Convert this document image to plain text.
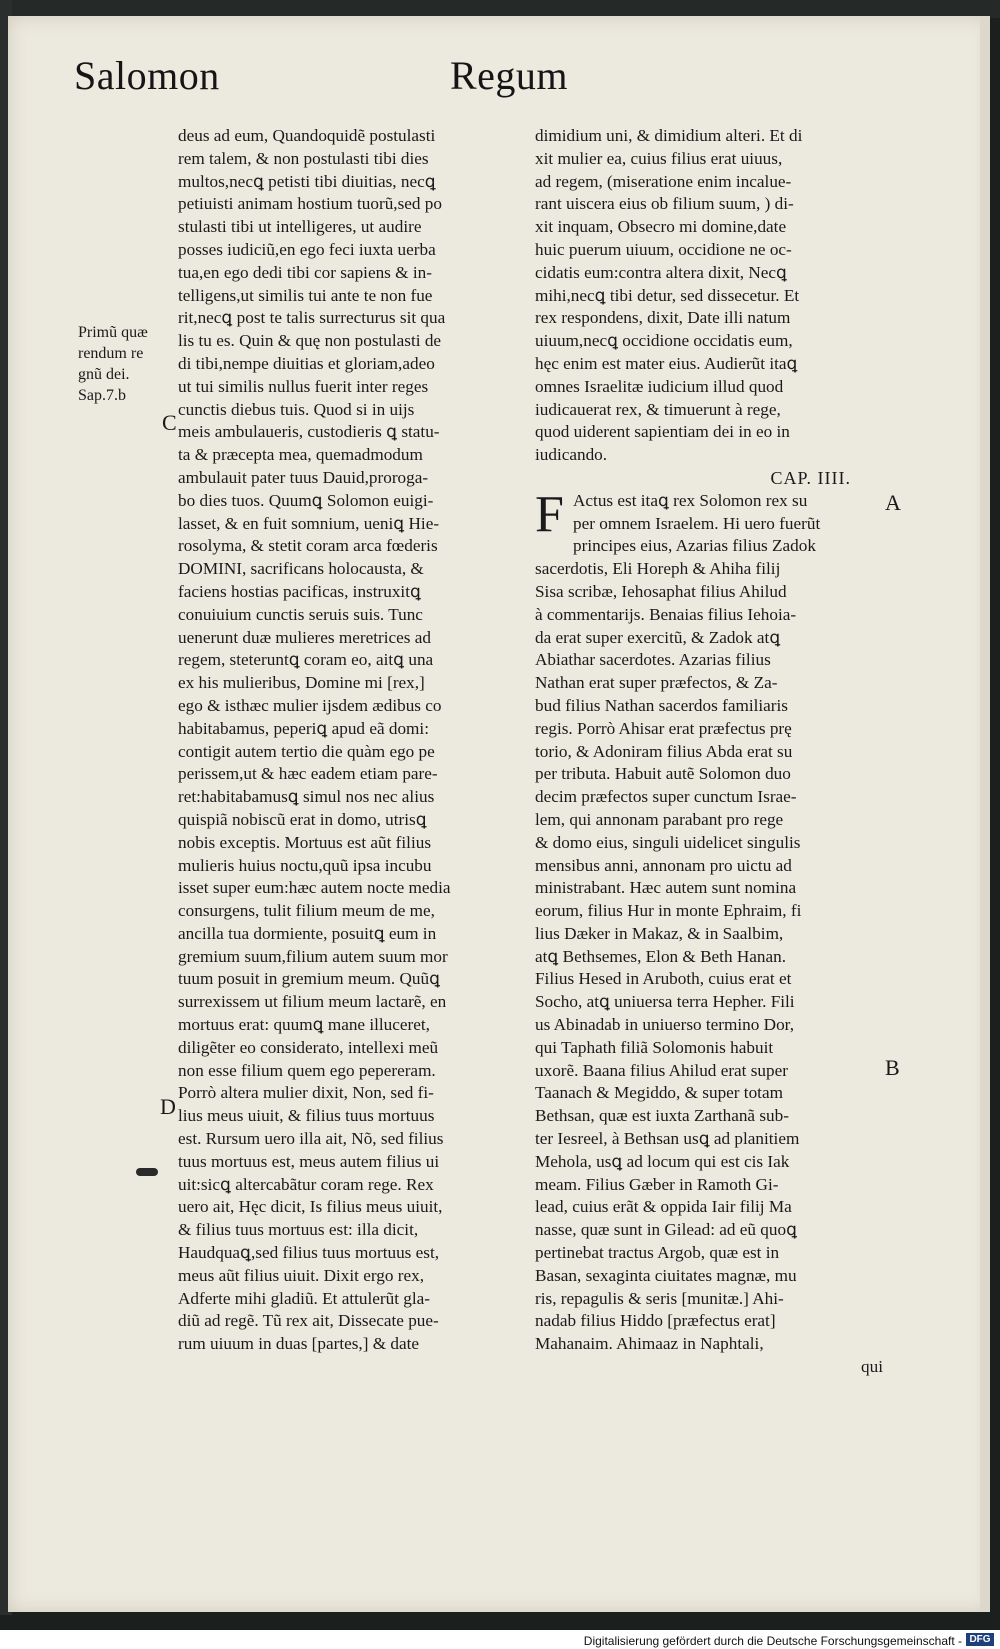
Salomon	Regum
Primũ quæ
rendum re
gnũ dei.
Sap.7.b
C
D
A
B
deus ad eum, Quandoquidẽ postulasti
rem talem, & non postulasti tibi dies
multos,necꝗ petisti tibi diuitias, necꝗ
petiuisti animam hostium tuorũ,sed po
stulasti tibi ut intelligeres, ut audire
posses iudiciũ,en ego feci iuxta uerba
tua,en ego dedi tibi cor sapiens & in-
telligens,ut similis tui ante te non fue
rit,necꝗ post te talis surrecturus sit qua
lis tu es. Quin & quę non postulasti de
di tibi,nempe diuitias et gloriam,adeo
ut tui similis nullus fuerit inter reges
cunctis diebus tuis. Quod si in uijs
meis ambulaueris, custodieris ꝗ statu-
ta & præcepta mea, quemadmodum
ambulauit pater tuus Dauid,proroga-
bo dies tuos. Quumꝗ Solomon euigi-
lasset, & en fuit somnium, ueniꝗ Hie-
rosolyma, & stetit coram arca fœderis
DOMINI, sacrificans holocausta, &
faciens hostias pacificas, instruxitꝗ
conuiuium cunctis seruis suis. Tunc
uenerunt duæ mulieres meretrices ad
regem, steteruntꝗ coram eo, aitꝗ una
ex his mulieribus, Domine mi [rex,]
ego & isthæc mulier ijsdem ædibus co
habitabamus, peperiꝗ apud eã domi:
contigit autem tertio die quàm ego pe
perissem,ut & hæc eadem etiam pare-
ret:habitabamusꝗ simul nos nec alius
quispiã nobiscũ erat in domo, utrisꝗ
nobis exceptis. Mortuus est aũt filius
mulieris huius noctu,quũ ipsa incubu
isset super eum:hæc autem nocte media
consurgens, tulit filium meum de me,
ancilla tua dormiente, posuitꝗ eum in
gremium suum,filium autem suum mor
tuum posuit in gremium meum. Quũꝗ
surrexissem ut filium meum lactarẽ, en
mortuus erat: quumꝗ mane illuceret,
diligẽter eo considerato, intellexi meũ
non esse filium quem ego pepereram.
Porrò altera mulier dixit, Non, sed fi-
lius meus uiuit, & filius tuus mortuus
est. Rursum uero illa ait, Nõ, sed filius
tuus mortuus est, meus autem filius ui
uit:sicꝗ altercabãtur coram rege. Rex
uero ait, Hęc dicit, Is filius meus uiuit,
& filius tuus mortuus est: illa dicit,
Haudquaꝗ,sed filius tuus mortuus est,
meus aũt filius uiuit. Dixit ergo rex,
Adferte mihi gladiũ. Et attulerũt gla-
diũ ad regẽ. Tũ rex ait, Dissecate pue-
rum uiuum in duas [partes,] & date
dimidium uni, & dimidium alteri. Et di
xit mulier ea, cuius filius erat uiuus,
ad regem, (miseratione enim incalue-
rant uiscera eius ob filium suum, ) di-
xit inquam, Obsecro mi domine,date
huic puerum uiuum, occidione ne oc-
cidatis eum:contra altera dixit, Necꝗ
mihi,necꝗ tibi detur, sed dissecetur. Et
rex respondens, dixit, Date illi natum
uiuum,necꝗ occidione occidatis eum,
hęc enim est mater eius. Audierũt itaꝗ
omnes Israelitæ iudicium illud quod
iudicauerat rex, & timuerunt à rege,
quod uiderent sapientiam dei in eo in
iudicando.
CAP. IIII.
F Actus est itaꝗ rex Solomon rex su
per omnem Israelem. Hi uero fuerũt
principes eius, Azarias filius Zadok
sacerdotis, Eli Horeph & Ahiha filij
Sisa scribæ, Iehosaphat filius Ahilud
à commentarijs. Benaias filius Iehoia-
da erat super exercitũ, & Zadok atꝗ
Abiathar sacerdotes. Azarias filius
Nathan erat super præfectos, & Za-
bud filius Nathan sacerdos familiaris
regis. Porrò Ahisar erat præfectus prę
torio, & Adoniram filius Abda erat su
per tributa. Habuit autẽ Solomon duo
decim præfectos super cunctum Israe-
lem, qui annonam parabant pro rege
& domo eius, singuli uidelicet singulis
mensibus anni, annonam pro uictu ad
ministrabant. Hæc autem sunt nomina
eorum, filius Hur in monte Ephraim, fi
lius Dæker in Makaz, & in Saalbim,
atꝗ Bethsemes, Elon & Beth Hanan.
Filius Hesed in Aruboth, cuius erat et
Socho, atꝗ uniuersa terra Hepher. Fili
us Abinadab in uniuerso termino Dor,
qui Taphath filiã Solomonis habuit
uxorẽ. Baana filius Ahilud erat super
Taanach & Megiddo, & super totam
Bethsan, quæ est iuxta Zarthanã sub-
ter Iesreel, à Bethsan usꝗ ad planitiem
Mehola, usꝗ ad locum qui est cis Iak
meam. Filius Gæber in Ramoth Gi-
lead, cuius erãt & oppida Iair filij Ma
nasse, quæ sunt in Gilead: ad eũ quoꝗ
pertinebat tractus Argob, quæ est in
Basan, sexaginta ciuitates magnæ, mu
ris, repagulis & seris [munitæ.] Ahi-
nadab filius Hiddo [præfectus erat]
Mahanaim. Ahimaaz in Naphtali,
qui
Digitalisierung gefördert durch die Deutsche Forschungsgemeinschaft - DFG
